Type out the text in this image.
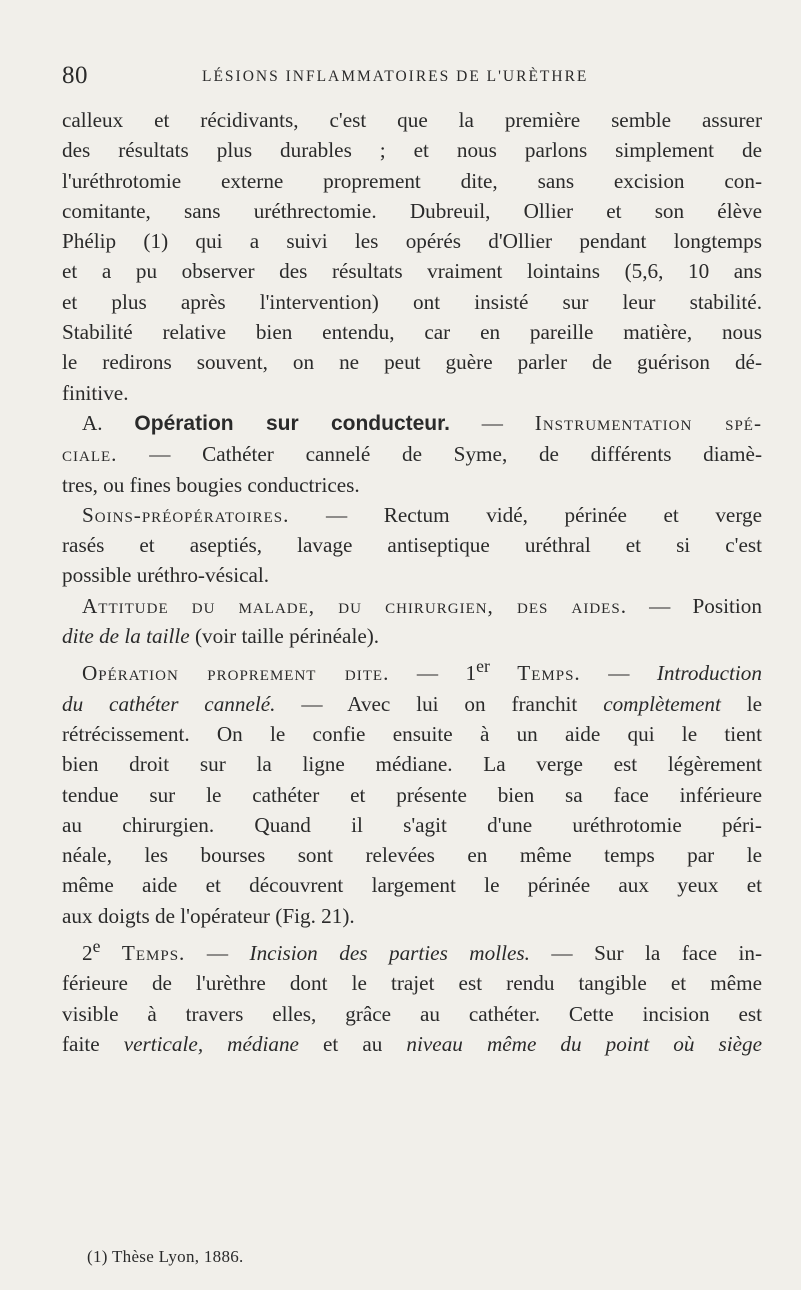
80	LÉSIONS INFLAMMATOIRES DE L'URÈTHRE

calleux et récidivants, c'est que la première semble assurer

des résultats plus durables ; et nous parlons simplement de

l'uréthrotomie externe proprement dite, sans excision con-

comitante, sans uréthrectomie. Dubreuil, Ollier et son élève

Phélip (1) qui a suivi les opérés d'Ollier pendant longtemps

et a pu observer des résultats vraiment lointains (5,6, 10 ans

et plus après l'intervention) ont insisté sur leur stabilité.

Stabilité relative bien entendu, car en pareille matière, nous

le redirons souvent, on ne peut guère parler de guérison dé-

finitive.

A. Opération sur conducteur. — Instrumentation spé-

ciale. — Cathéter cannelé de Syme, de différents diamè-

tres, ou fines bougies conductrices.

Soins-préopératoires. — Rectum vidé, périnée et verge

rasés et aseptiés, lavage antiseptique uréthral et si c'est

possible uréthro-vésical.

Attitude du malade, du chirurgien, des aides. — Position

dite de la taille (voir taille périnéale).

Opération proprement dite. — 1er Temps. — Introduction

du cathéter cannelé. — Avec lui on franchit complètement le

rétrécissement. On le confie ensuite à un aide qui le tient

bien droit sur la ligne médiane. La verge est légèrement

tendue sur le cathéter et présente bien sa face inférieure

au chirurgien. Quand il s'agit d'une uréthrotomie péri-

néale, les bourses sont relevées en même temps par le

même aide et découvrent largement le périnée aux yeux et

aux doigts de l'opérateur (Fig. 21).

2e Temps. — Incision des parties molles. — Sur la face in-

férieure de l'urèthre dont le trajet est rendu tangible et même

visible à travers elles, grâce au cathéter. Cette incision est

faite verticale, médiane et au niveau même du point où siège

(1) Thèse Lyon, 1886.
